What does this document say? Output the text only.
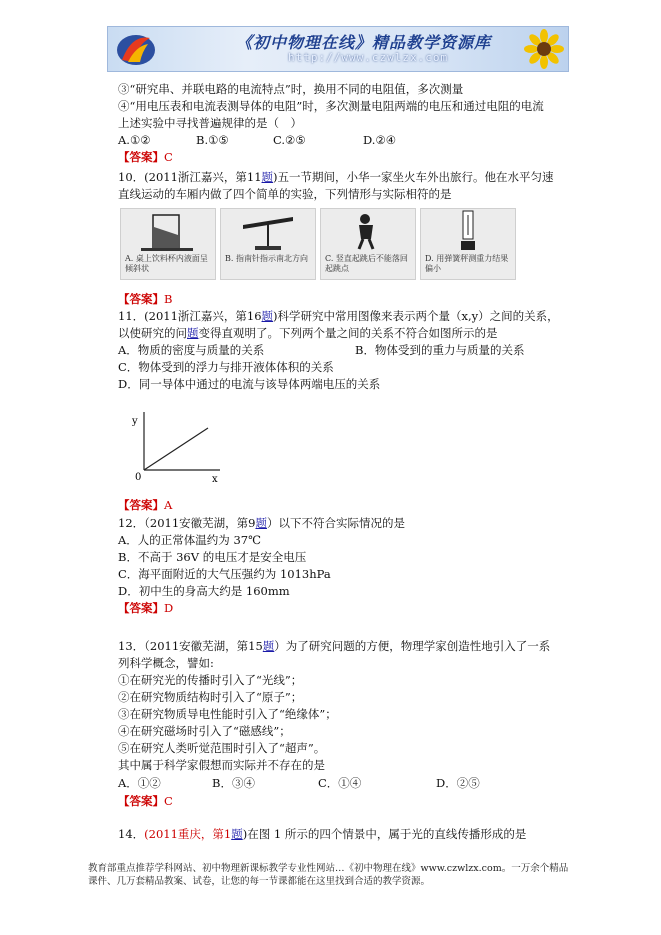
《初中物理在线》精品教学资源库
http://www.czwlzx.com
③“研究串、并联电路的电流特点”时，换用不同的电阻值，多次测量
④“用电压表和电流表测导体的电阻”时，多次测量电阻两端的电压和通过电阻的电流
上述实验中寻找普遍规律的是（　）
A.①②	B.①⑤	C.②⑤	D.②④
【答案】C
10．(2011浙江嘉兴，第11题)五一节期间，小华一家坐火车外出旅行。他在水平匀速
直线运动的车厢内做了四个简单的实验，下列情形与实际相符的是
A. 桌上饮料杯内液面呈倾斜状
B. 指南针指示南北方向	C. 竖直起跳后不能落回起跳点
D. 用弹簧秤测重力结果偏小
【答案】B
11．(2011浙江嘉兴，第16题)科学研究中常用图像来表示两个量（x,y）之间的关系，
以使研究的问题变得直观明了。下列两个量之间的关系不符合如图所示的是
A．物质的密度与质量的关系	B．物体受到的重力与质量的关系
C．物体受到的浮力与排开液体体积的关系
D．同一导体中通过的电流与该导体两端电压的关系
y
0	x
【答案】A
12．（2011安徽芜湖，第9题）以下不符合实际情况的是
A．人的正常体温约为 37℃
B．不高于 36V 的电压才是安全电压
C．海平面附近的大气压强约为 1013hPa
D．初中生的身高大约是 160mm
【答案】D
13．（2011安徽芜湖，第15题）为了研究问题的方便，物理学家创造性地引入了一系
列科学概念，譬如:
①在研究光的传播时引入了“光线”；
②在研究物质结构时引入了“原子”；
③在研究物质导电性能时引入了“绝缘体”；
④在研究磁场时引入了“磁感线”；
⑤在研究人类听觉范围时引入了“超声”。
其中属于科学家假想而实际并不存在的是
A．①②	B．③④	C．①④	D．②⑤
【答案】C
14．(2011重庆，第1题)在图 1 所示的四个情景中，属于光的直线传播形成的是
教育部重点推荐学科网站、初中物理新课标教学专业性网站…《初中物理在线》www.czwlzx.com。一万余个精品课件、几万套精品教案、试卷，让您的每一节课都能在这里找到合适的教学资源。
